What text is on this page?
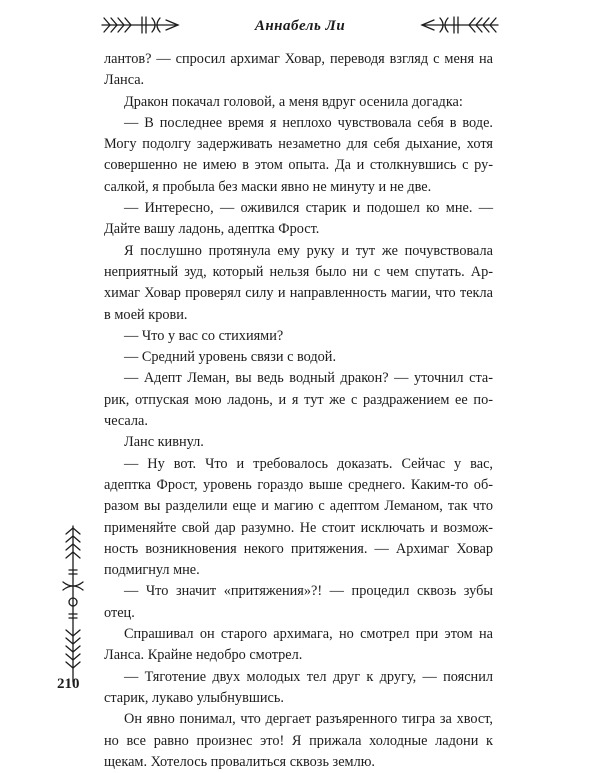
Аннабель Ли

лантов? — спросил архимаг Ховар, переводя взгляд с меня на Ланса.

Дракон покачал головой, а меня вдруг осенила догадка:

— В последнее время я неплохо чувствовала себя в воде. Могу подолгу задерживать незаметно для себя дыхание, хотя совершенно не имею в этом опыта. Да и столкнувшись с русалкой, я пробыла без маски явно не минуту и не две.

— Интересно, — оживился старик и подошел ко мне. — Дайте вашу ладонь, адептка Фрост.

Я послушно протянула ему руку и тут же почувствовала неприятный зуд, который нельзя было ни с чем спутать. Архимаг Ховар проверял силу и направленность магии, что текла в моей крови.

— Что у вас со стихиями?

— Средний уровень связи с водой.

— Адепт Леман, вы ведь водный дракон? — уточнил старик, отпуская мою ладонь, и я тут же с раздражением ее почесала.

Ланс кивнул.

— Ну вот. Что и требовалось доказать. Сейчас у вас, адептка Фрост, уровень гораздо выше среднего. Каким-то образом вы разделили еще и магию с адептом Леманом, так что применяйте свой дар разумно. Не стоит исключать и возможность возникновения некого притяжения. — Архимаг Ховар подмигнул мне.

— Что значит «притяжения»?! — процедил сквозь зубы отец.

Спрашивал он старого архимага, но смотрел при этом на Ланса. Крайне недобро смотрел.

— Тяготение двух молодых тел друг к другу, — пояснил старик, лукаво улыбнувшись.

Он явно понимал, что дергает разъяренного тигра за хвост, но все равно произнес это! Я прижала холодные ладони к щекам. Хотелось провалиться сквозь землю.

210
